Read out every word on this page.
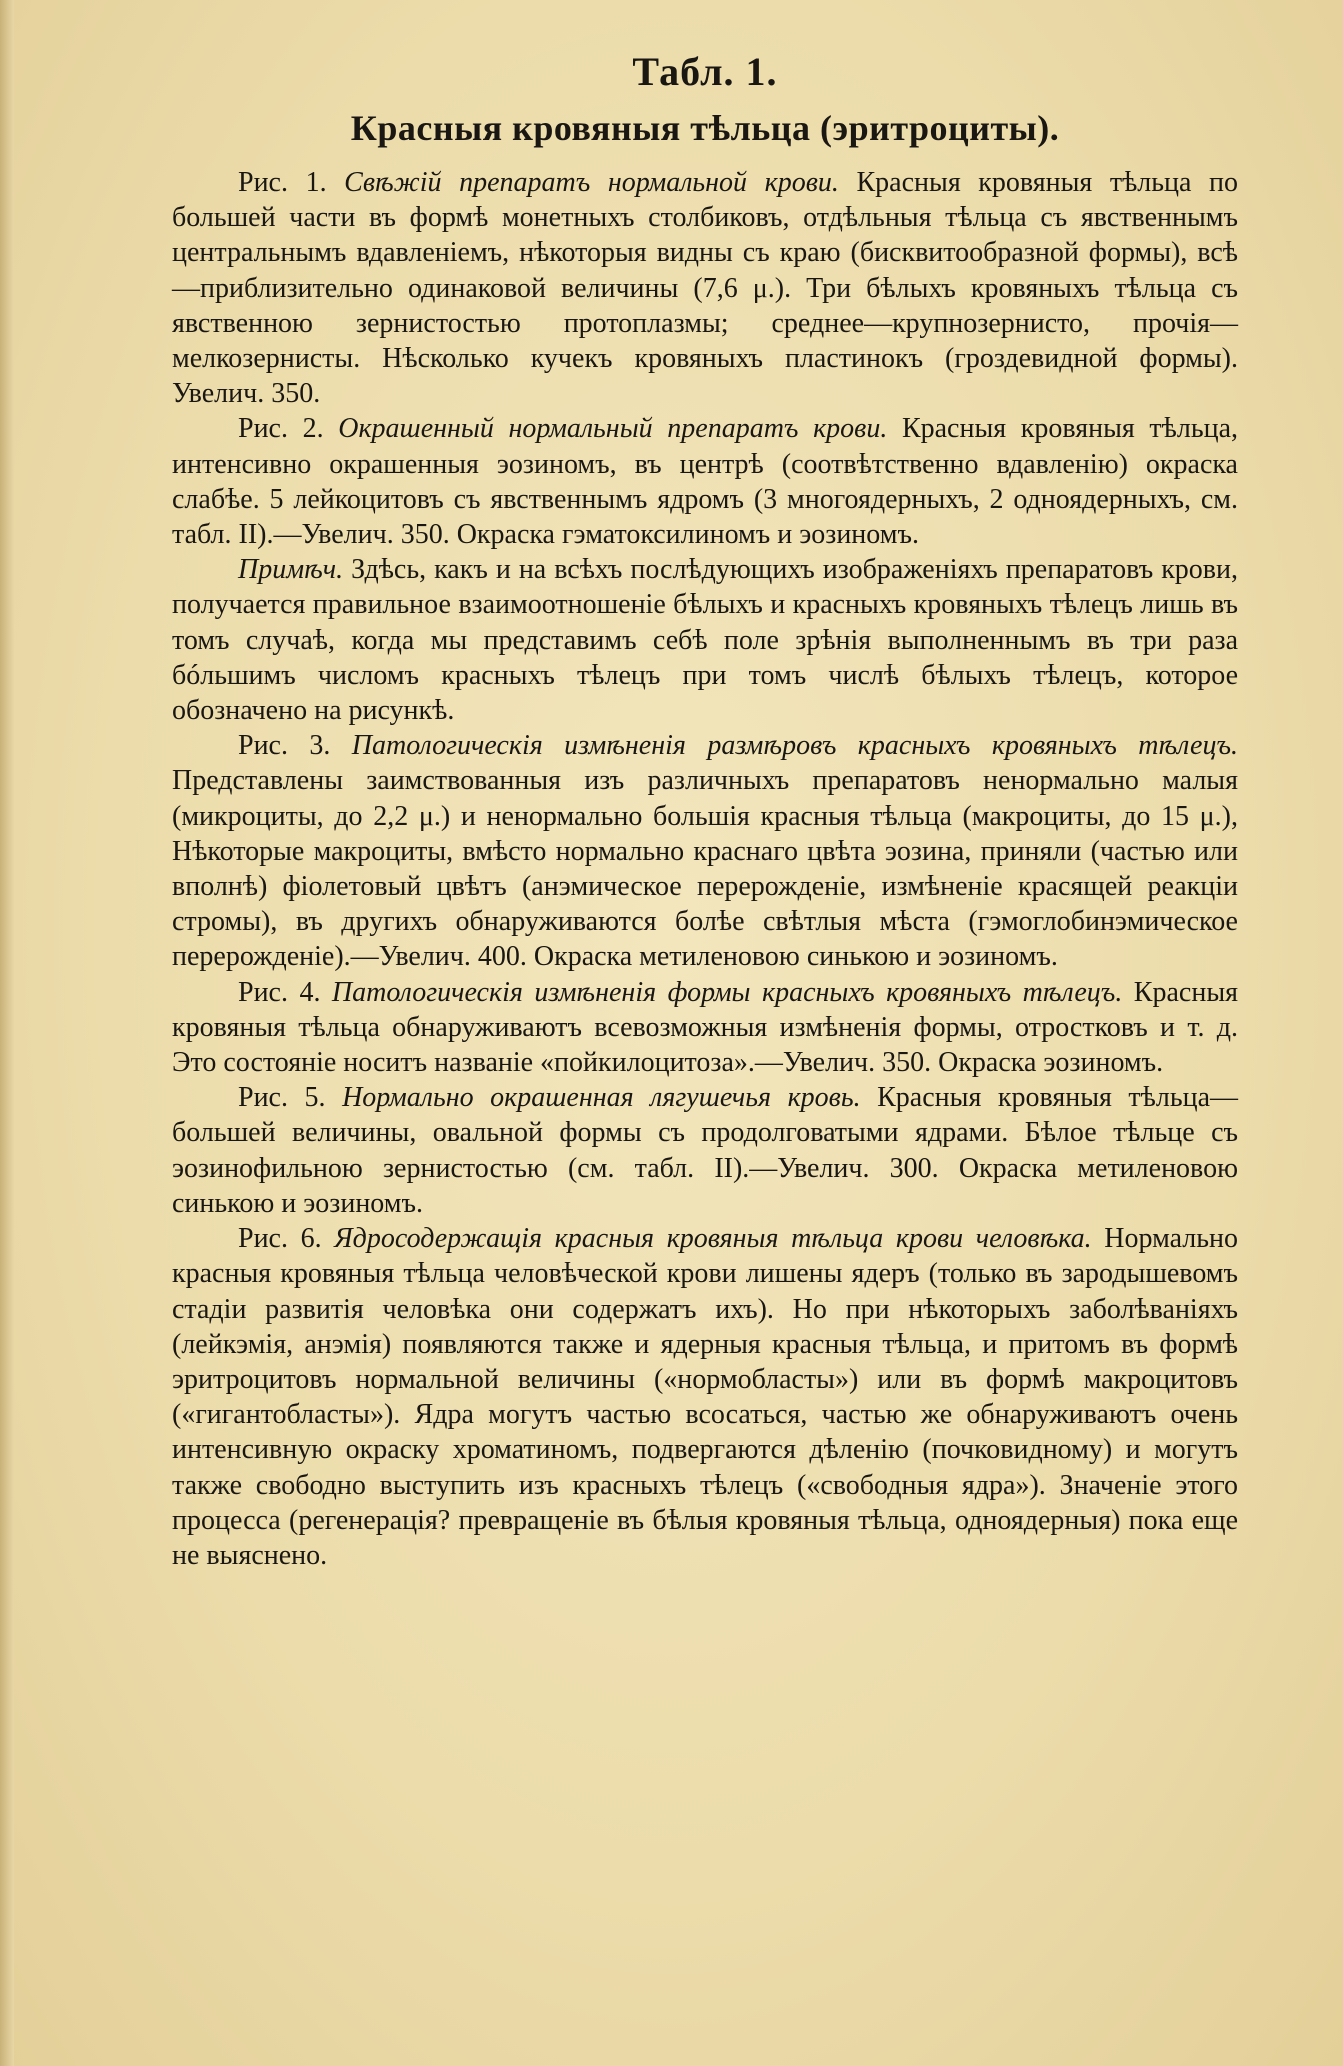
Табл. 1.
Красныя кровяныя тѣльца (эритроциты).

Рис. 1. Свѣжій препаратъ нормальной крови. Красныя кровяныя тѣльца по большей части въ формѣ монетныхъ столбиковъ, отдѣльныя тѣльца съ явственнымъ центральнымъ вдавленіемъ, нѣкоторыя видны съ краю (бисквитообразной формы), всѣ—приблизительно одинаковой величины (7,6 μ.). Три бѣлыхъ кровяныхъ тѣльца съ явственною зернистостью протоплазмы; среднее—крупнозернисто, прочія—мелкозернисты. Нѣсколько кучекъ кровяныхъ пластинокъ (гроздевидной формы). Увелич. 350.

Рис. 2. Окрашенный нормальный препаратъ крови. Красныя кровяныя тѣльца, интенсивно окрашенныя эозиномъ, въ центрѣ (соотвѣтственно вдавленію) окраска слабѣе. 5 лейкоцитовъ съ явственнымъ ядромъ (3 многоядерныхъ, 2 одноядерныхъ, см. табл. II).—Увелич. 350. Окраска гэматоксилиномъ и эозиномъ.

Примѣч. Здѣсь, какъ и на всѣхъ послѣдующихъ изображеніяхъ препаратовъ крови, получается правильное взаимоотношеніе бѣлыхъ и красныхъ кровяныхъ тѣлецъ лишь въ томъ случаѣ, когда мы представимъ себѣ поле зрѣнія выполненнымъ въ три раза бóльшимъ числомъ красныхъ тѣлецъ при томъ числѣ бѣлыхъ тѣлецъ, которое обозначено на рисункѣ.

Рис. 3. Патологическія измѣненія размѣровъ красныхъ кровяныхъ тѣлецъ. Представлены заимствованныя изъ различныхъ препаратовъ ненормально малыя (микроциты, до 2,2 μ.) и ненормально большія красныя тѣльца (макроциты, до 15 μ.), Нѣкоторые макроциты, вмѣсто нормально краснаго цвѣта эозина, приняли (частью или вполнѣ) фіолетовый цвѣтъ (анэмическое перерожденіе, измѣненіе красящей реакціи стромы), въ другихъ обнаруживаются болѣе свѣтлыя мѣста (гэмоглобинэмическое перерожденіе).—Увелич. 400. Окраска метиленовою синькою и эозиномъ.

Рис. 4. Патологическія измѣненія формы красныхъ кровяныхъ тѣлецъ. Красныя кровяныя тѣльца обнаруживаютъ всевозможныя измѣненія формы, отростковъ и т. д. Это состояніе носитъ названіе «пойкилоцитоза».—Увелич. 350. Окраска эозиномъ.

Рис. 5. Нормально окрашенная лягушечья кровь. Красныя кровяныя тѣльца—большей величины, овальной формы съ продолговатыми ядрами. Бѣлое тѣльце съ эозинофильною зернистостью (см. табл. II).—Увелич. 300. Окраска метиленовою синькою и эозиномъ.

Рис. 6. Ядросодержащія красныя кровяныя тѣльца крови человѣка. Нормально красныя кровяныя тѣльца человѣческой крови лишены ядеръ (только въ зародышевомъ стадіи развитія человѣка они содержатъ ихъ). Но при нѣкоторыхъ заболѣваніяхъ (лейкэмія, анэмія) появляются также и ядерныя красныя тѣльца, и притомъ въ формѣ эритроцитовъ нормальной величины («нормобласты») или въ формѣ макроцитовъ («гигантобласты»). Ядра могутъ частью всосаться, частью же обнаруживаютъ очень интенсивную окраску хроматиномъ, подвергаются дѣленію (почковидному) и могутъ также свободно выступить изъ красныхъ тѣлецъ («свободныя ядра»). Значеніе этого процесса (регенерація? превращеніе въ бѣлыя кровяныя тѣльца, одноядерныя) пока еще не выяснено.
